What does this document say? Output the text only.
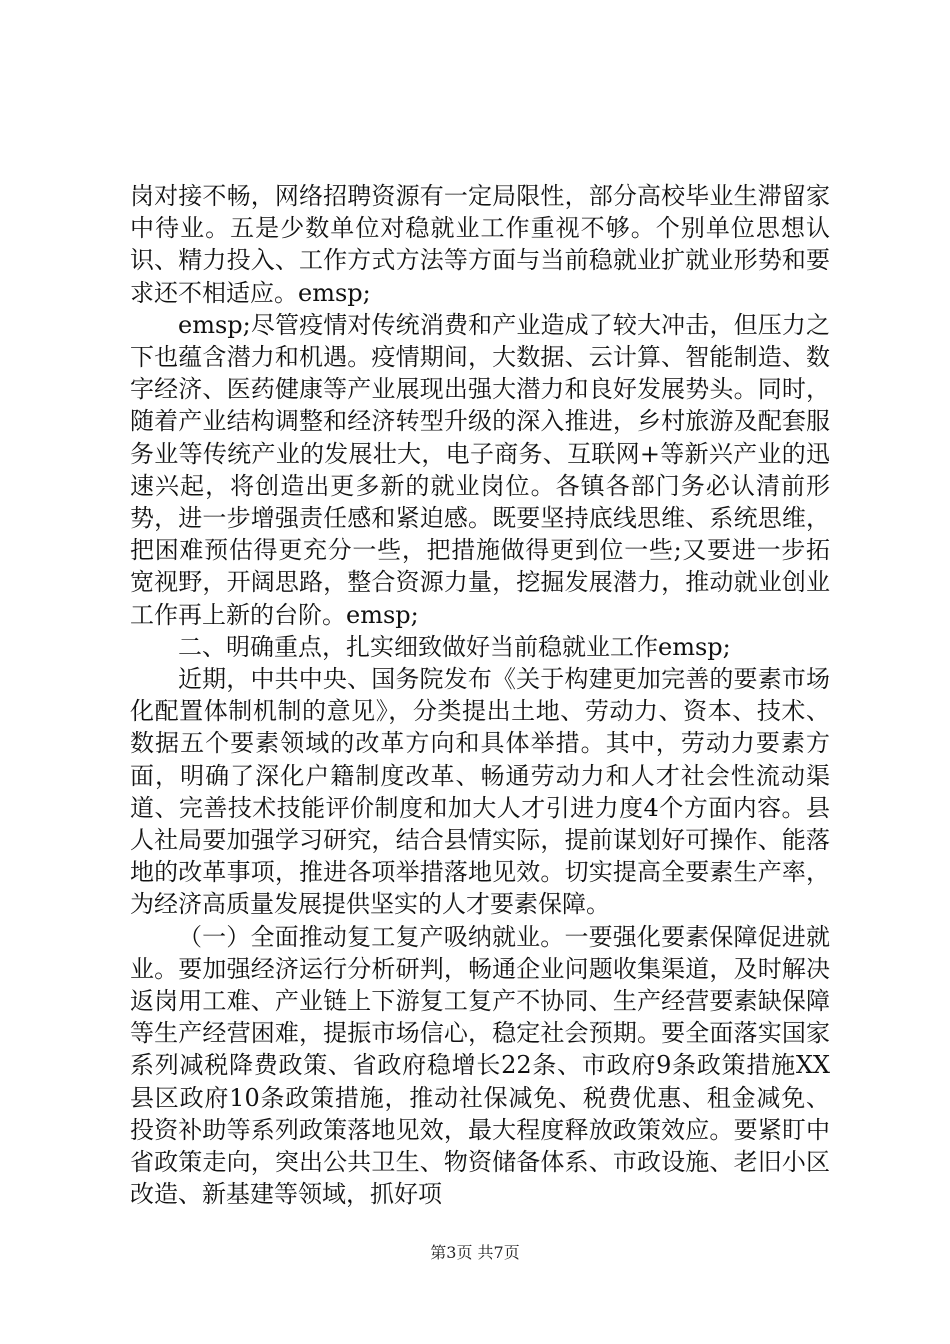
岗对接不畅，网络招聘资源有一定局限性，部分高校毕业生滞留家中待业。五是少数单位对稳就业工作重视不够。个别单位思想认识、精力投入、工作方式方法等方面与当前稳就业扩就业形势和要求还不相适应。emsp;

emsp;尽管疫情对传统消费和产业造成了较大冲击，但压力之下也蕴含潜力和机遇。疫情期间，大数据、云计算、智能制造、数字经济、医药健康等产业展现出强大潜力和良好发展势头。同时，随着产业结构调整和经济转型升级的深入推进，乡村旅游及配套服务业等传统产业的发展壮大，电子商务、互联网+等新兴产业的迅速兴起，将创造出更多新的就业岗位。各镇各部门务必认清前形势，进一步增强责任感和紧迫感。既要坚持底线思维、系统思维，把困难预估得更充分一些，把措施做得更到位一些;又要进一步拓宽视野，开阔思路，整合资源力量，挖掘发展潜力，推动就业创业工作再上新的台阶。emsp;

二、明确重点，扎实细致做好当前稳就业工作emsp;

近期，中共中央、国务院发布《关于构建更加完善的要素市场化配置体制机制的意见》，分类提出土地、劳动力、资本、技术、数据五个要素领域的改革方向和具体举措。其中，劳动力要素方面，明确了深化户籍制度改革、畅通劳动力和人才社会性流动渠道、完善技术技能评价制度和加大人才引进力度4个方面内容。县人社局要加强学习研究，结合县情实际，提前谋划好可操作、能落地的改革事项，推进各项举措落地见效。切实提高全要素生产率，为经济高质量发展提供坚实的人才要素保障。

（一）全面推动复工复产吸纳就业。一要强化要素保障促进就业。要加强经济运行分析研判，畅通企业问题收集渠道，及时解决返岗用工难、产业链上下游复工复产不协同、生产经营要素缺保障等生产经营困难，提振市场信心，稳定社会预期。要全面落实国家系列减税降费政策、省政府稳增长22条、市政府9条政策措施XX县区政府10条政策措施，推动社保减免、税费优惠、租金减免、投资补助等系列政策落地见效，最大程度释放政策效应。要紧盯中省政策走向，突出公共卫生、物资储备体系、市政设施、老旧小区改造、新基建等领域，抓好项

第3页 共7页
